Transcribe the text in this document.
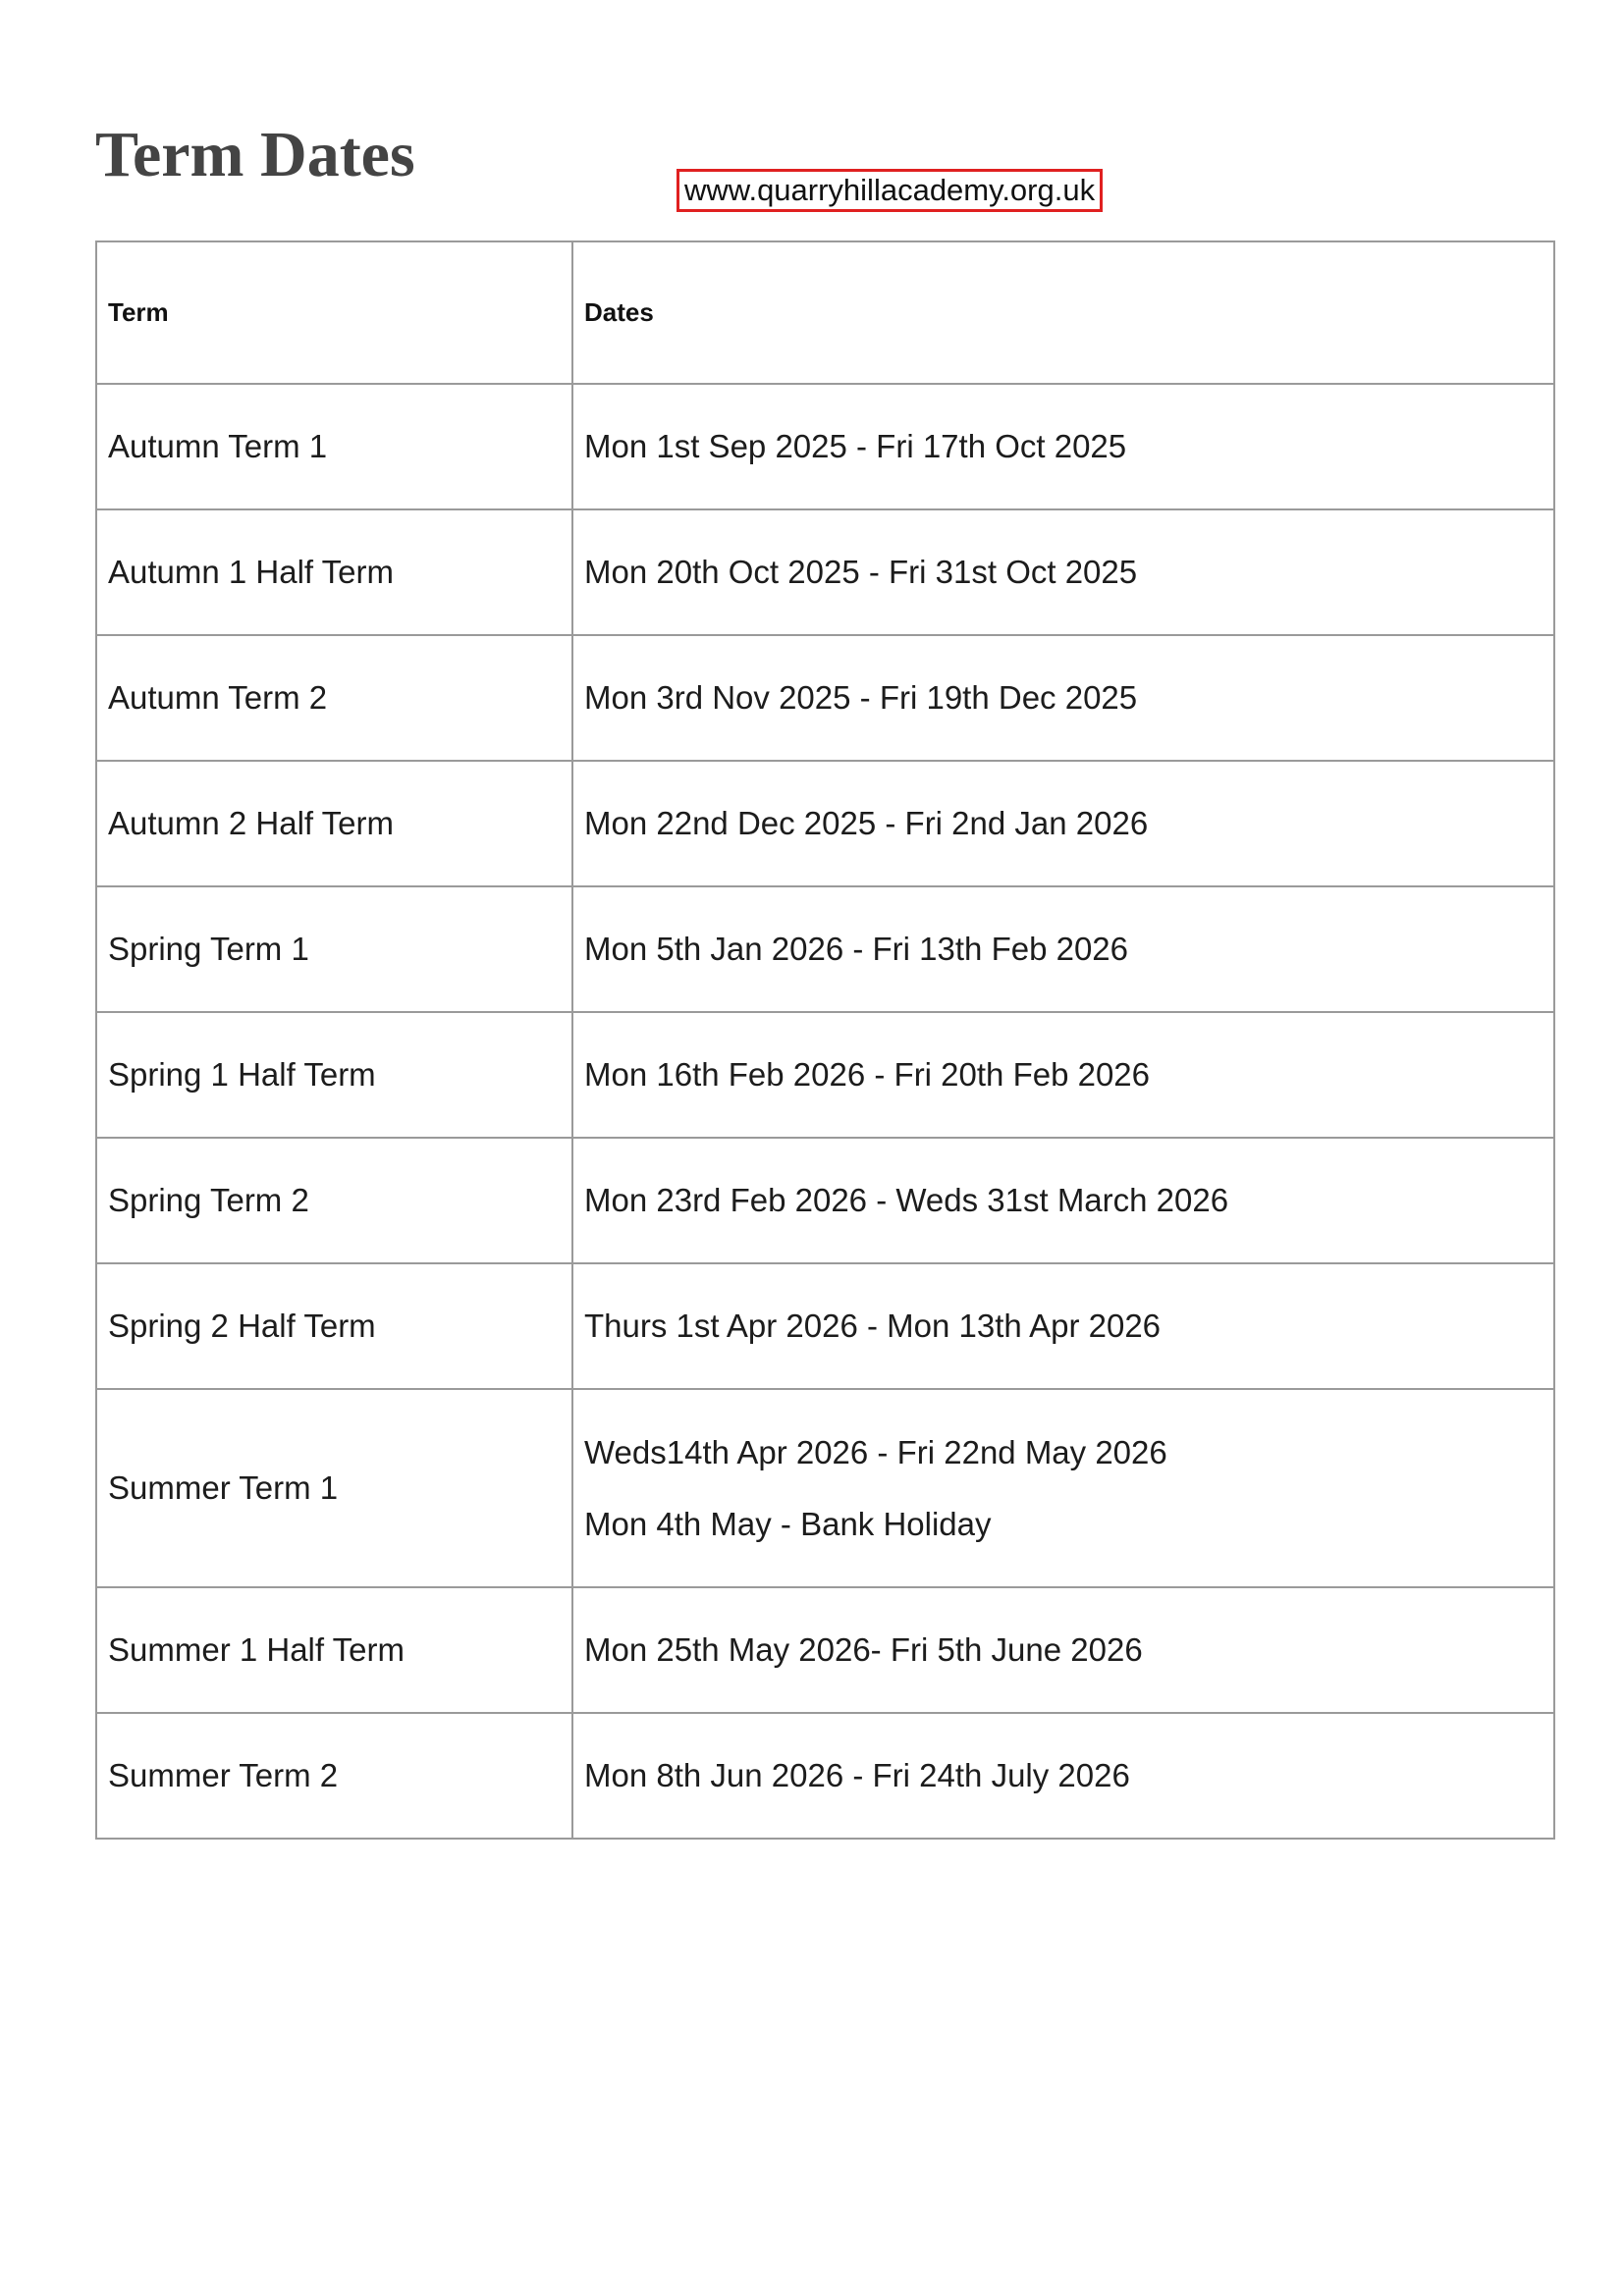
Term Dates	www.quarryhillacademy.org.uk
Term	Dates
Autumn Term 1	Mon 1st Sep 2025 - Fri 17th Oct 2025

Autumn 1 Half Term	Mon 20th Oct 2025 - Fri 31st Oct 2025

Autumn Term 2	Mon 3rd Nov 2025 - Fri 19th Dec 2025

Autumn 2 Half Term	Mon 22nd Dec 2025 - Fri 2nd Jan 2026

Spring Term 1	Mon 5th Jan 2026 - Fri 13th Feb 2026

Spring 1 Half Term	Mon 16th Feb 2026 - Fri 20th Feb 2026

Spring Term 2	Mon 23rd Feb 2026 - Weds 31st March 2026

Spring 2 Half Term	Thurs 1st Apr 2026 - Mon 13th Apr 2026

Summer Term 1	Weds14th Apr 2026 - Fri 22nd May 2026

Mon 4th May - Bank Holiday

Summer 1 Half Term	Mon 25th May 2026- Fri 5th June 2026

Summer Term 2	Mon 8th Jun 2026 - Fri 24th July 2026
